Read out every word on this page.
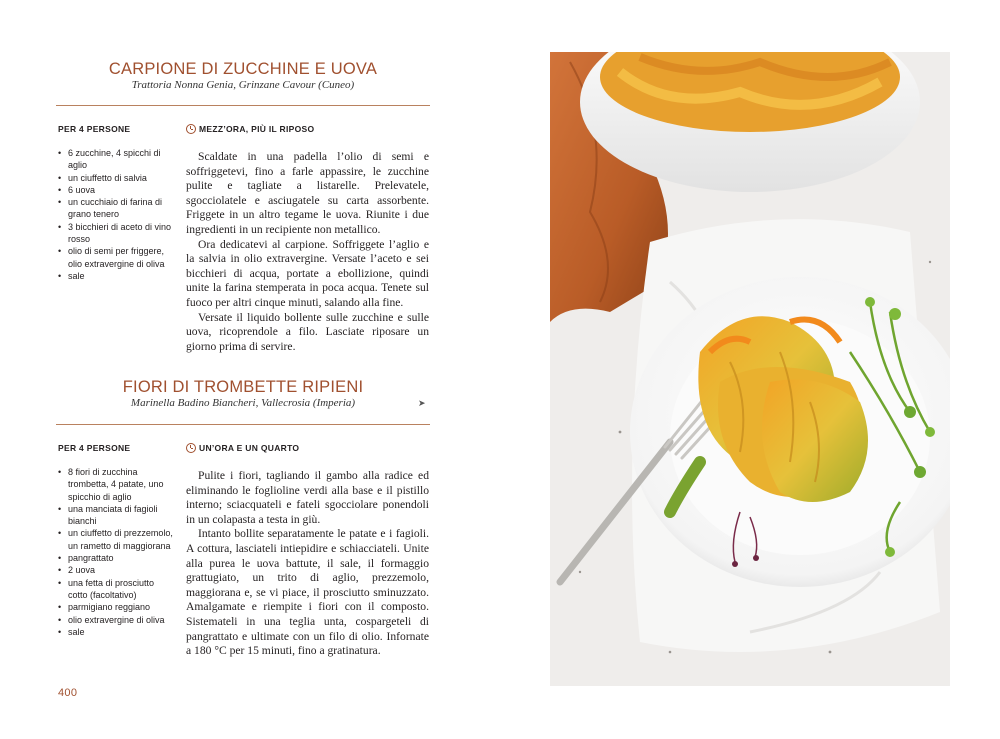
CARPIONE DI ZUCCHINE E UOVA
Trattoria Nonna Genia, Grinzane Cavour (Cuneo)
PER 4 PERSONE	MEZZ’ORA, PIÙ IL RIPOSO
• 6 zucchine, 4 spicchi di aglio
• un ciuffetto di salvia
• 6 uova
• un cucchiaio di farina di grano tenero
• 3 bicchieri di aceto di vino rosso
• olio di semi per friggere, olio extravergine di oliva
• sale

Scaldate in una padella l’olio di semi e soffriggetevi, fino a farle appassire, le zucchine pulite e tagliate a listarelle. Prelevatele, sgocciolatele e asciugatele su carta assorbente. Friggete in un altro tegame le uova. Riunite i due ingredienti in un recipiente non metallico.

Ora dedicatevi al carpione. Soffriggete l’aglio e la salvia in olio extravergine. Versate l’aceto e sei bicchieri di acqua, portate a ebollizione, quindi unite la farina stemperata in poca acqua. Tenete sul fuoco per altri cinque minuti, salando alla fine.

Versate il liquido bollente sulle zucchine e sulle uova, ricoprendole a filo. Lasciate riposare un giorno prima di servire.

FIORI DI TROMBETTE RIPIENI
Marinella Badino Biancheri, Vallecrosia (Imperia)	➤
PER 4 PERSONE	UN’ORA E UN QUARTO
• 8 fiori di zucchina trombetta, 4 patate, uno spicchio di aglio
• una manciata di fagioli bianchi
• un ciuffetto di prezzemolo, un rametto di maggiorana
• pangrattato
• 2 uova
• una fetta di prosciutto cotto (facoltativo)
• parmigiano reggiano
• olio extravergine di oliva
• sale

Pulite i fiori, tagliando il gambo alla radice ed eliminando le foglioline verdi alla base e il pistillo interno; sciacquateli e fateli sgocciolare ponendoli in un colapasta a testa in giù.

Intanto bollite separatamente le patate e i fagioli. A cottura, lasciateli intiepidire e schiacciateli. Unite alla purea le uova battute, il sale, il formaggio grattugiato, un trito di aglio, prezzemolo, maggiorana e, se vi piace, il prosciutto sminuzzato. Amalgamate e riempite i fiori con il composto. Sistemateli in una teglia unta, cospargeteli di pangrattato e ultimate con un filo di olio. Infornate a 180 °C per 15 minuti, fino a gratinatura.

400
